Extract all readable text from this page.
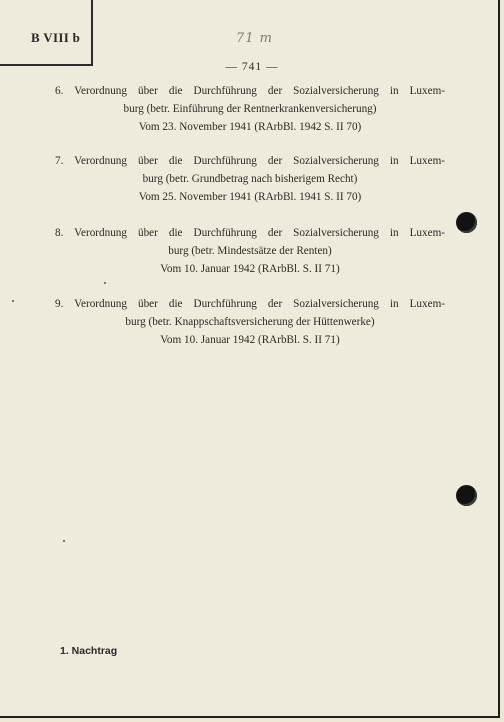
B VIII b	71 m
— 741 —
6. Verordnung über die Durchführung der Sozialversicherung in Luxem-
burg (betr. Einführung der Rentnerkrankenversicherung)
Vom 23. November 1941 (RArbBl. 1942 S. II 70)
7. Verordnung über die Durchführung der Sozialversicherung in Luxem-
burg (betr. Grundbetrag nach bisherigem Recht)
Vom 25. November 1941 (RArbBl. 1941 S. II 70)
8. Verordnung über die Durchführung der Sozialversicherung in Luxem-
burg (betr. Mindestsätze der Renten)
Vom 10. Januar 1942 (RArbBl. S. II 71)
9. Verordnung über die Durchführung der Sozialversicherung in Luxem-
burg (betr. Knappschaftsversicherung der Hüttenwerke)
Vom 10. Januar 1942 (RArbBl. S. II 71)
1. Nachtrag
